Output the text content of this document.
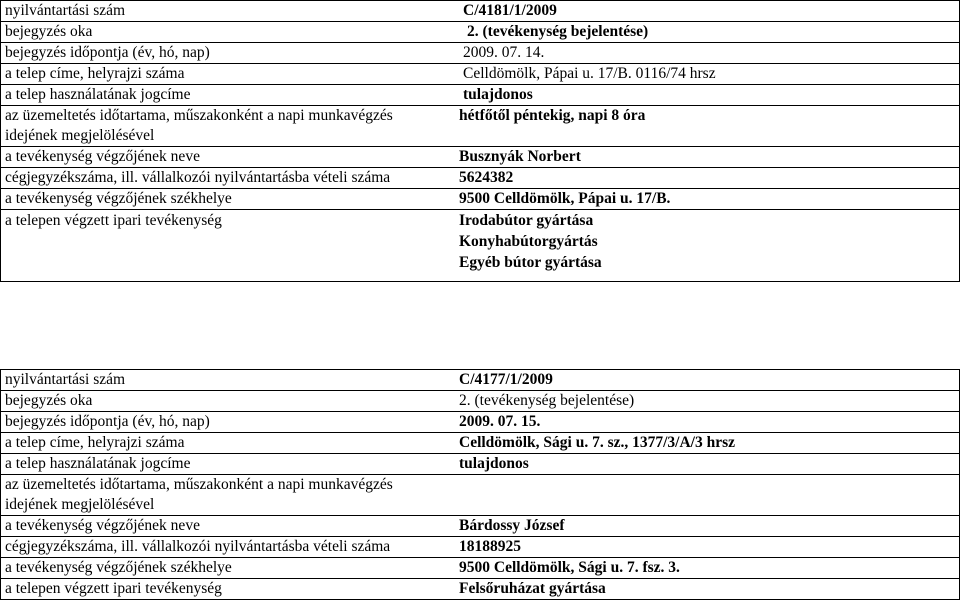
nyilvántartási szám	C/4181/1/2009
bejegyzés oka	2. (tevékenység bejelentése)
bejegyzés időpontja (év, hó, nap)	2009. 07. 14.
a telep címe, helyrajzi száma	Celldömölk, Pápai u. 17/B. 0116/74 hrsz
a telep használatának jogcíme	tulajdonos
az üzemeltetés időtartama, műszakonként a napi munkavégzés idejének megjelölésével	hétfőtől péntekig, napi 8 óra
a tevékenység végzőjének neve	Busznyák Norbert
cégjegyzékszáma, ill. vállalkozói nyilvántartásba vételi száma	5624382
a tevékenység végzőjének székhelye	9500 Celldömölk, Pápai u. 17/B.
a telepen végzett ipari tevékenység	Irodabútor gyártása
Konyhabútorgyártás
Egyéb bútor gyártása
nyilvántartási szám	C/4177/1/2009
bejegyzés oka	2. (tevékenység bejelentése)
bejegyzés időpontja (év, hó, nap)	2009. 07. 15.
a telep címe, helyrajzi száma	Celldömölk, Sági u. 7. sz., 1377/3/A/3 hrsz
a telep használatának jogcíme	tulajdonos
az üzemeltetés időtartama, műszakonként a napi munkavégzés idejének megjelölésével	
a tevékenység végzőjének neve	Bárdossy József
cégjegyzékszáma, ill. vállalkozói nyilvántartásba vételi száma	18188925
a tevékenység végzőjének székhelye	9500 Celldömölk, Sági u. 7. fsz. 3.
a telepen végzett ipari tevékenység	Felsőruházat gyártása
